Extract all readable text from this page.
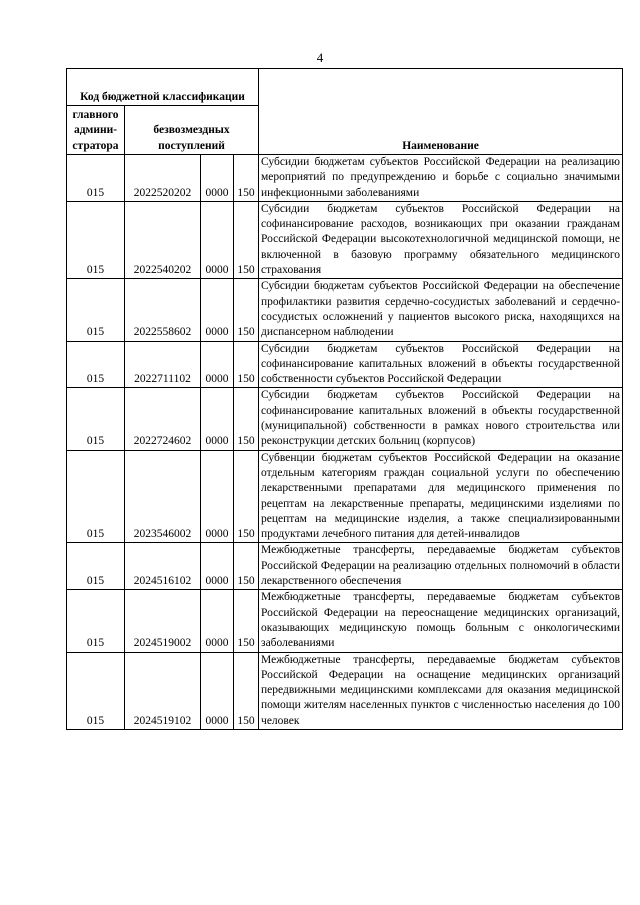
4
Код бюджетной классификации				Наименование
главного админи-стратора	безвозмездных поступлений			
015	2022520202	0000	150	Субсидии бюджетам субъектов Российской Федерации на реализацию мероприятий по предупреждению и борьбе с социально значимыми инфекционными заболеваниями
015	2022540202	0000	150	Субсидии бюджетам субъектов Российской Федерации на софинансирование расходов, возникающих при оказании гражданам Российской Федерации высокотехнологичной медицинской помощи, не включенной в базовую программу обязательного медицинского страхования
015	2022558602	0000	150	Субсидии бюджетам субъектов Российской Федерации на обеспечение профилактики развития сердечно-сосудистых заболеваний и сердечно-сосудистых осложнений у пациентов высокого риска, находящихся на диспансерном наблюдении
015	2022711102	0000	150	Субсидии бюджетам субъектов Российской Федерации на софинансирование капитальных вложений в объекты государственной собственности субъектов Российской Федерации
015	2022724602	0000	150	Субсидии бюджетам субъектов Российской Федерации на софинансирование капитальных вложений в объекты государственной (муниципальной) собственности в рамках нового строительства или реконструкции детских больниц (корпусов)
015	2023546002	0000	150	Субвенции бюджетам субъектов Российской Федерации на оказание отдельным категориям граждан социальной услуги по обеспечению лекарственными препаратами для медицинского применения по рецептам на лекарственные препараты, медицинскими изделиями по рецептам на медицинские изделия, а также специализированными продуктами лечебного питания для детей-инвалидов
015	2024516102	0000	150	Межбюджетные трансферты, передаваемые бюджетам субъектов Российской Федерации на реализацию отдельных полномочий в области лекарственного обеспечения
015	2024519002	0000	150	Межбюджетные трансферты, передаваемые бюджетам субъектов Российской Федерации на переоснащение медицинских организаций, оказывающих медицинскую помощь больным с онкологическими заболеваниями
015	2024519102	0000	150	Межбюджетные трансферты, передаваемые бюджетам субъектов Российской Федерации на оснащение медицинских организаций передвижными медицинскими комплексами для оказания медицинской помощи жителям населенных пунктов с численностью населения до 100 человек
